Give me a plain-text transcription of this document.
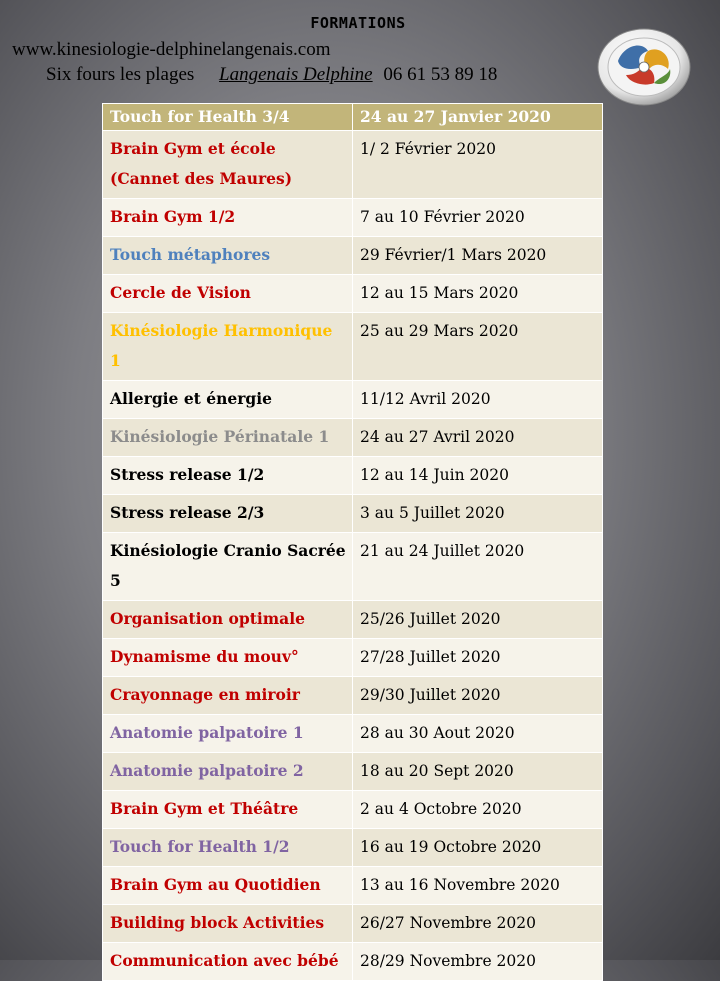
FORMATIONS
www.kinesiologie-delphinelangenais.com
Six fours les plages Langenais Delphine 06 61 53 89 18
Touch for Health 3/4	24 au 27 Janvier 2020
Brain Gym et école (Cannet des Maures)	1/ 2 Février 2020
Brain Gym 1/2	7 au 10 Février 2020
Touch métaphores	29 Février/1 Mars 2020
Cercle de Vision	12 au 15 Mars 2020
Kinésiologie Harmonique 1	25 au 29 Mars 2020
Allergie et énergie	11/12 Avril 2020
Kinésiologie Périnatale 1	24 au 27 Avril 2020
Stress release 1/2	12 au 14 Juin 2020
Stress release 2/3	3 au 5 Juillet 2020
Kinésiologie Cranio Sacrée 5	21 au 24 Juillet 2020
Organisation optimale	25/26 Juillet 2020
Dynamisme du mouv°	27/28 Juillet 2020
Crayonnage en miroir	29/30 Juillet 2020
Anatomie palpatoire 1	28 au 30 Aout 2020
Anatomie palpatoire 2	18 au 20 Sept 2020
Brain Gym et Théâtre	2 au 4 Octobre 2020
Touch for Health 1/2	16 au 19 Octobre 2020
Brain Gym au Quotidien	13 au 16 Novembre 2020
Building block Activities	26/27 Novembre 2020
Communication avec bébé	28/29 Novembre 2020
